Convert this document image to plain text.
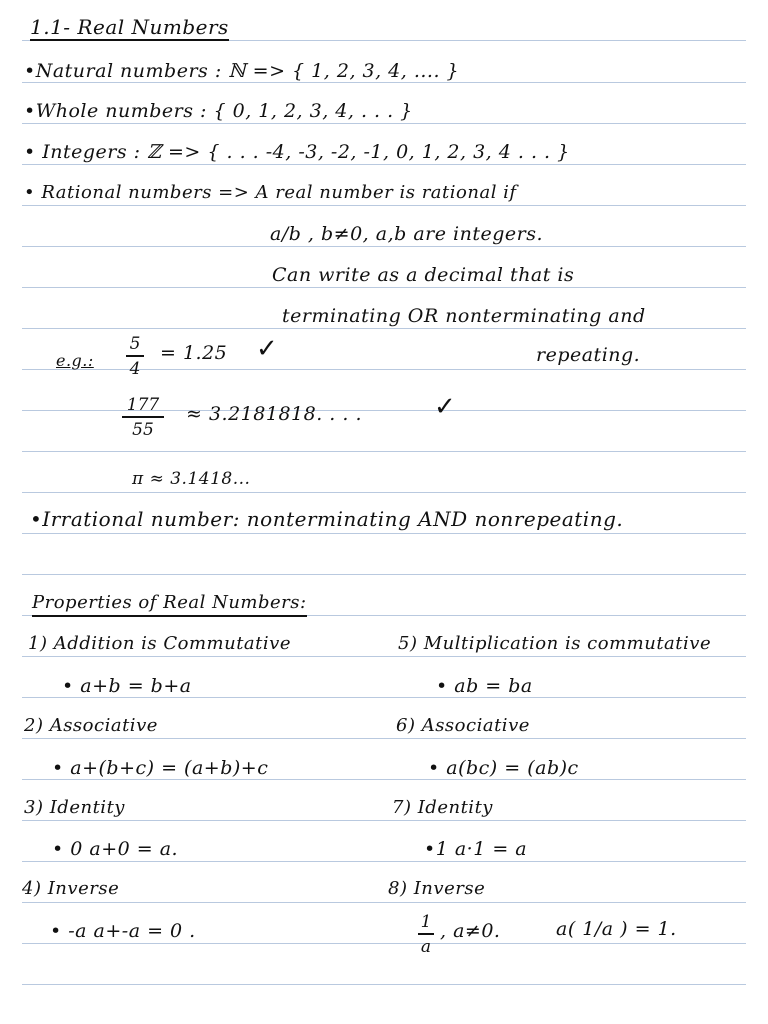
1.1- Real Numbers
•Natural numbers : ℕ => { 1, 2, 3, 4, .... }
•Whole numbers : { 0, 1, 2, 3, 4, . . . }
• Integers : ℤ => { . . . -4, -3, -2, -1, 0, 1, 2, 3, 4 . . . }
• Rational numbers => A real number is rational if
a/b , b≠0, a,b are integers.
Can write as a decimal that is
terminating OR nonterminating and
repeating.
e.g.:
5
4
= 1.25 ✓
177
55
≈ 3.2181818. . . .	✓
π ≈ 3.1418...
•Irrational number: nonterminating AND nonrepeating.
Properties of Real Numbers:
1) Addition is Commutative
• a+b = b+a
2) Associative
• a+(b+c) = (a+b)+c
3) Identity
• 0 a+0 = a.
4) Inverse
• -a a+-a = 0 .
5) Multiplication is commutative
• ab = ba
6) Associative
• a(bc) = (ab)c
7) Identity
•1 a·1 = a
8) Inverse
1
a
, a≠0.	a( 1/a ) = 1.
